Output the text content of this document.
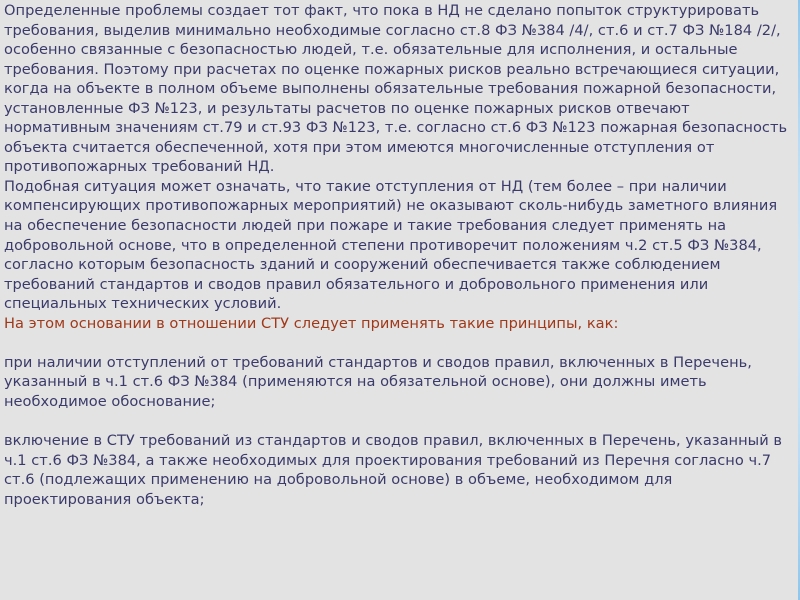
Определенные проблемы создает тот факт, что пока в НД не сделано попыток структурировать требования, выделив минимально необходимые согласно ст.8 ФЗ №384 /4/, ст.6 и ст.7 ФЗ №184 /2/, особенно связанные с безопасностью людей, т.е. обязательные для исполнения, и остальные требования. Поэтому при расчетах по оценке пожарных рисков реально встречающиеся ситуации, когда на объекте в полном объеме выполнены обязательные требования пожарной безопасности, установленные ФЗ №123, и результаты расчетов по оценке пожарных рисков отвечают нормативным значениям ст.79 и ст.93 ФЗ №123, т.е. согласно ст.6 ФЗ №123 пожарная безопасность объекта считается обеспеченной, хотя при этом имеются многочисленные отступления от противопожарных требований НД.

Подобная ситуация может означать, что такие отступления от НД (тем более – при наличии компенсирующих противопожарных мероприятий) не оказывают сколь-нибудь заметного влияния на обеспечение безопасности людей при пожаре и такие требования следует применять на  добровольной основе, что в определенной степени противоречит положениям ч.2 ст.5 ФЗ №384, согласно которым безопасность зданий и сооружений обеспечивается также соблюдением требований стандартов и сводов правил обязательного и добровольного применения или специальных технических условий.

На этом основании в отношении СТУ следует применять такие принципы, как:

при наличии отступлений от требований стандартов и сводов правил, включенных в Перечень, указанный в ч.1 ст.6 ФЗ №384 (применяются на обязательной основе), они должны иметь необходимое обоснование;

включение в СТУ требований из стандартов и сводов правил, включенных в Перечень, указанный в ч.1 ст.6 ФЗ №384, а также необходимых для проектирования требований из Перечня согласно ч.7 ст.6 (подлежащих применению на добровольной основе) в объеме, необходимом для проектирования объекта;
